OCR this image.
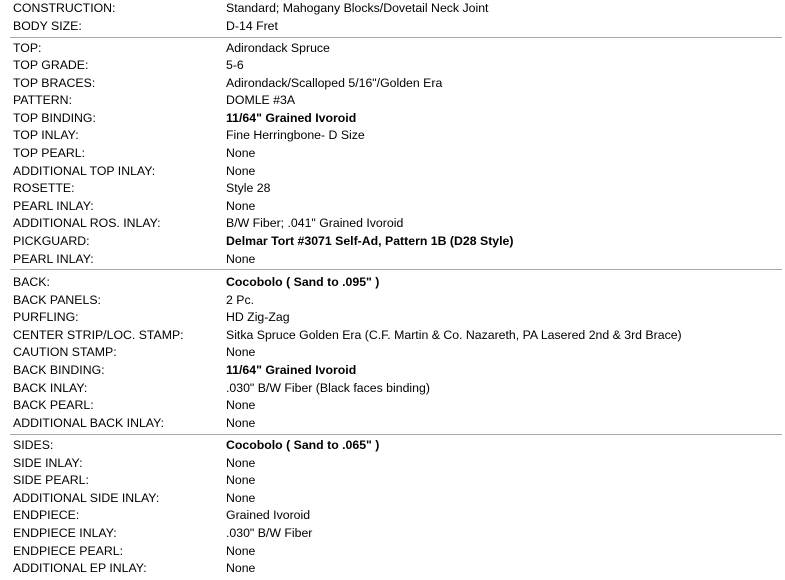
CONSTRUCTION:	Standard; Mahogany Blocks/Dovetail Neck Joint
BODY SIZE:	D-14 Fret
TOP:	Adirondack Spruce
TOP GRADE:	5-6
TOP BRACES:	Adirondack/Scalloped 5/16"/Golden Era
PATTERN:	DOMLE #3A
TOP BINDING:	11/64" Grained Ivoroid
TOP INLAY:	Fine Herringbone- D Size
TOP PEARL:	None
ADDITIONAL TOP INLAY:	None
ROSETTE:	Style 28
PEARL INLAY:	None
ADDITIONAL ROS. INLAY:	B/W Fiber; .041" Grained Ivoroid
PICKGUARD:	Delmar Tort #3071 Self-Ad, Pattern 1B (D28 Style)
PEARL INLAY:	None
BACK:	Cocobolo ( Sand to .095" )
BACK PANELS:	2 Pc.
PURFLING:	HD Zig-Zag
CENTER STRIP/LOC. STAMP:	Sitka Spruce Golden Era (C.F. Martin & Co. Nazareth, PA Lasered 2nd & 3rd Brace)
CAUTION STAMP:	None
BACK BINDING:	11/64" Grained Ivoroid
BACK INLAY:	.030" B/W Fiber (Black faces binding)
BACK PEARL:	None
ADDITIONAL BACK INLAY:	None
SIDES:	Cocobolo ( Sand to .065" )
SIDE INLAY:	None
SIDE PEARL:	None
ADDITIONAL SIDE INLAY:	None
ENDPIECE:	Grained Ivoroid
ENDPIECE INLAY:	.030" B/W Fiber
ENDPIECE PEARL:	None
ADDITIONAL EP INLAY:	None
